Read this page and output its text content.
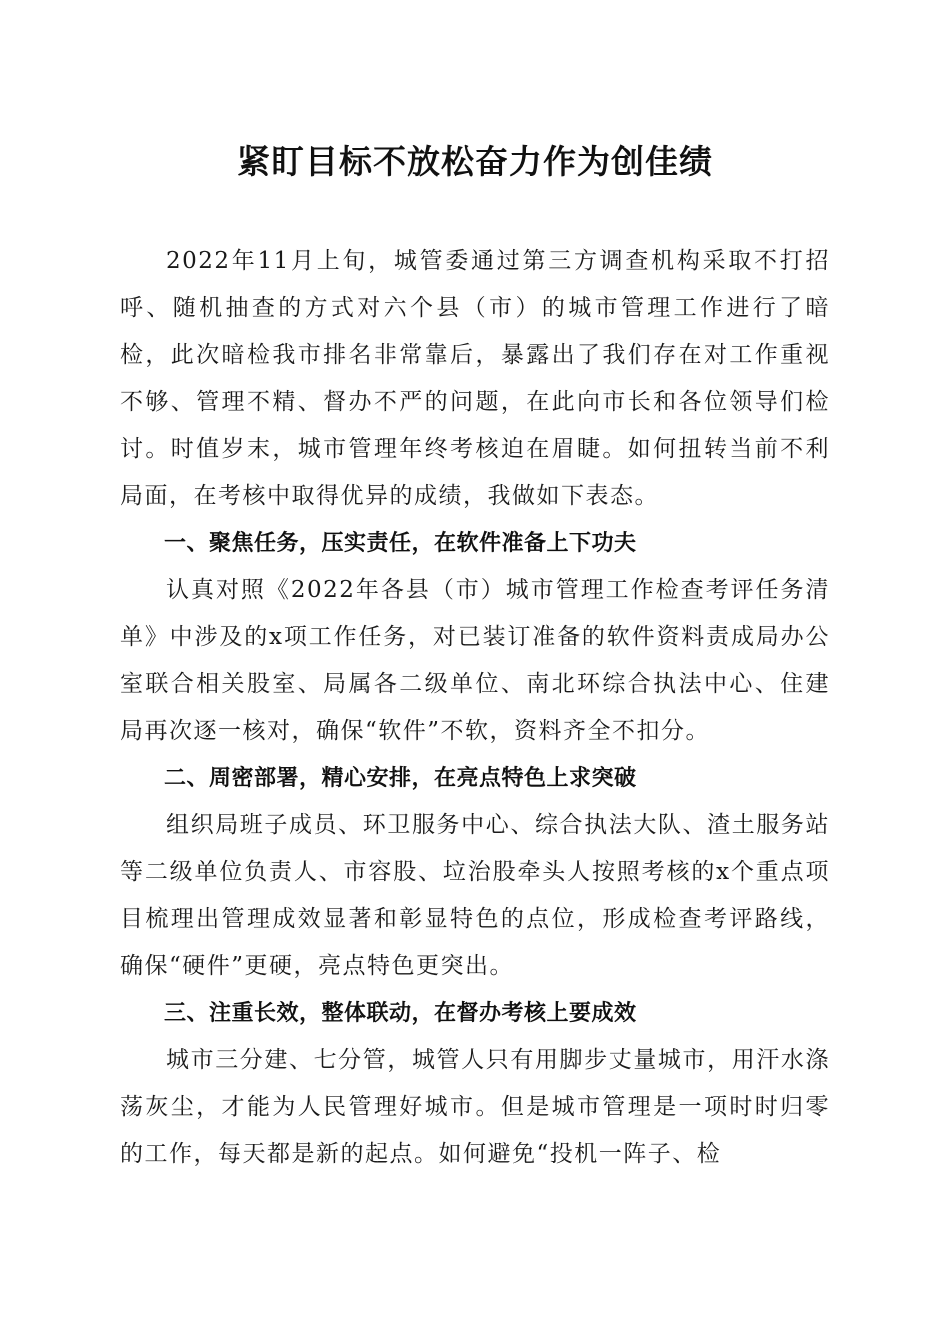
紧盯目标不放松奋力作为创佳绩

2022年11月上旬，城管委通过第三方调查机构采取不打招呼、随机抽查的方式对六个县（市）的城市管理工作进行了暗检，此次暗检我市排名非常靠后，暴露出了我们存在对工作重视不够、管理不精、督办不严的问题，在此向市长和各位领导们检讨。时值岁末，城市管理年终考核迫在眉睫。如何扭转当前不利局面，在考核中取得优异的成绩，我做如下表态。

一、聚焦任务，压实责任，在软件准备上下功夫

认真对照《2022年各县（市）城市管理工作检查考评任务清单》中涉及的x项工作任务，对已装订准备的软件资料责成局办公室联合相关股室、局属各二级单位、南北环综合执法中心、住建局再次逐一核对，确保“软件”不软，资料齐全不扣分。

二、周密部署，精心安排，在亮点特色上求突破

组织局班子成员、环卫服务中心、综合执法大队、渣土服务站等二级单位负责人、市容股、垃治股牵头人按照考核的x个重点项目梳理出管理成效显著和彰显特色的点位，形成检查考评路线，确保“硬件”更硬，亮点特色更突出。

三、注重长效，整体联动，在督办考核上要成效

城市三分建、七分管，城管人只有用脚步丈量城市，用汗水涤荡灰尘，才能为人民管理好城市。但是城市管理是一项时时归零的工作，每天都是新的起点。如何避免“投机一阵子、检
